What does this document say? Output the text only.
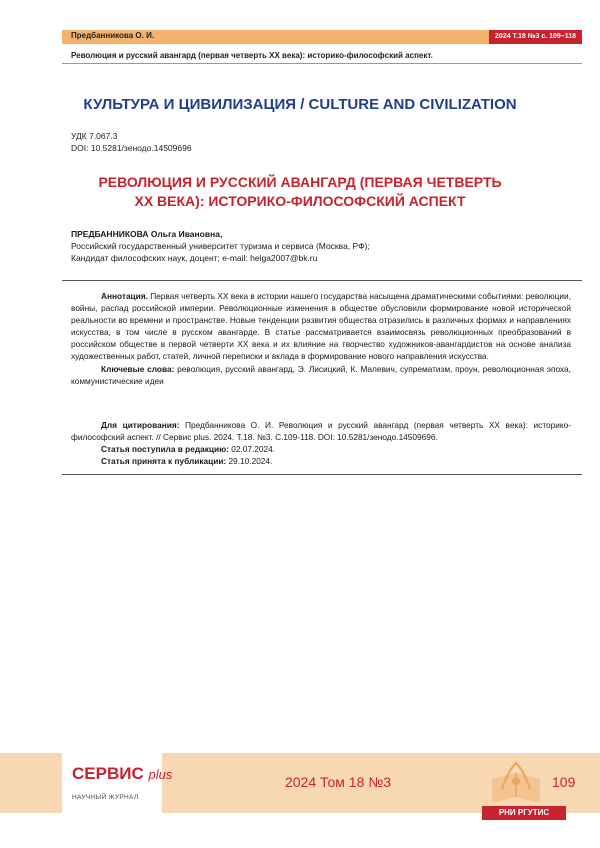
Предбанникова О. И.	2024 Т.18 №3 с. 109–118
Революция и русский авангард (первая четверть XX века): историко-философский аспект.
КУЛЬТУРА И ЦИВИЛИЗАЦИЯ / CULTURE AND CIVILIZATION
УДК 7.067.3
DOI: 10.5281/зенодо.14509696
РЕВОЛЮЦИЯ И РУССКИЙ АВАНГАРД (ПЕРВАЯ ЧЕТВЕРТЬ
XX ВЕКА): ИСТОРИКО-ФИЛОСОФСКИЙ АСПЕКТ
ПРЕДБАННИКОВА Ольга Ивановна,
Российский государственный университет туризма и сервиса (Москва, РФ);
Кандидат философских наук, доцент; e-mail: helga2007@bk.ru
Аннотация. Первая четверть XX века в истории нашего государства насыщена драматическими событиями: революции, войны, распад российской империи. Революционные изменения в обществе обусловили формирование новой исторической реальности во времени и пространстве. Новые тенденции развития общества отразились в различных формах и направлениях искусства, в том числе в русском авангарде. В статье рассматривается взаимосвязь революционных преобразований в российском обществе в первой четверти XX века и их влияние на творчество художников-авангардистов на основе анализа художественных работ, статей, личной переписки и вклада в формирование нового направления искусства.
Ключевые слова: революция, русский авангард, Э. Лисицкий, К. Малевич, супрематизм, проун, революционная эпоха, коммунистические идеи
Для цитирования: Предбанникова О. И. Революция и русский авангард (первая четверть XX века): историко-философский аспект. // Сервис plus. 2024. Т.18. №3. С.109-118. DOI: 10.5281/зенодо.14509696.
Статья поступила в редакцию: 02.07.2024.
Статья принята к публикации: 29.10.2024.
СЕРВИС plus
НАУЧНЫЙ ЖУРНАЛ
2024 Том 18 №3
РНИ РГУТИС
109
